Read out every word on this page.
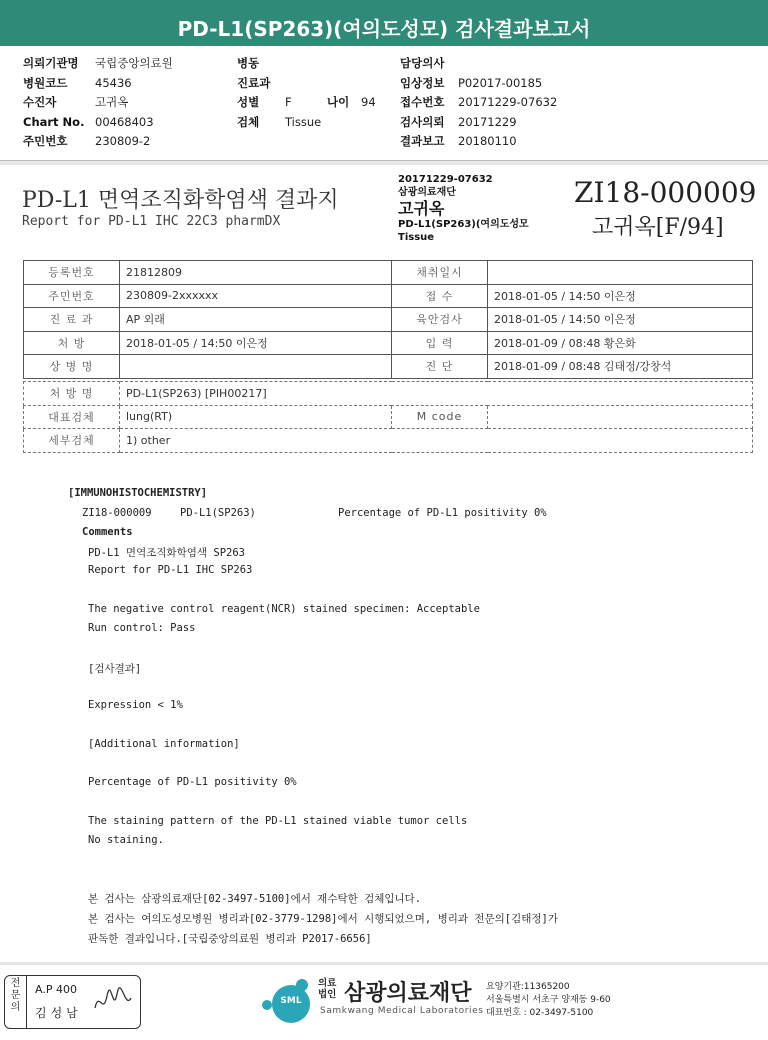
PD-L1(SP263)(여의도성모) 검사결과보고서
의뢰기관명 국립중앙의료원
병원코드 45436
수진자	고귀옥
Chart No. 00468403
주민번호 230809-2
병동
진료과
성별 F	나이 94
검체 Tissue
담당의사
임상정보 P02017-00185
접수번호 20171229-07632
검사의뢰 20171229
결과보고 20180110
PD-L1 면역조직화학염색 결과지
Report for PD-L1 IHC 22C3 pharmDX
20171229-07632
삼광의료재단
고귀옥
PD-L1(SP263)(여의도성모
Tissue
ZI18-000009
고귀옥[F/94]
등록번호	21812809	채취일시	
주민번호	230809-2xxxxxx	접 수	2018-01-05 / 14:50 이은정
진 료 과	AP 외래	육안검사	2018-01-05 / 14:50 이은정
처 방	2018-01-05 / 14:50 이은정	입 력	2018-01-09 / 08:48 황은화
상 병 명		진 단	2018-01-09 / 08:48 김태정/강창석
처 방 명	PD-L1(SP263) [PIH00217]		
대표검체	lung(RT)	M code	
세부검체	1) other		
[IMMUNOHISTOCHEMISTRY]
ZI18-000009	PD-L1(SP263)	Percentage of PD-L1 positivity 0%
Comments
PD-L1 면역조직화학염색 SP263
Report for PD-L1 IHC SP263
The negative control reagent(NCR) stained specimen: Acceptable
Run control: Pass
[검사결과]
Expression < 1%
[Additional information]
Percentage of PD-L1 positivity 0%
The staining pattern of the PD-L1 stained viable tumor cells
No staining.
본 검사는 삼광의료재단[02-3497-5100]에서 재수탁한 검체입니다.
본 검사는 여의도성모병원 병리과[02-3779-1298]에서 시행되었으며, 병리과 전문의[김태정]가
판독한 결과입니다.[국립중앙의료원 병리과 P2017-6656]
전문의
A.P 400
김성남
SML
의료
법인 삼광의료재단
Samkwang Medical Laboratories
요양기관:11365200
서울특별시 서초구 양재동 9-60
대표번호 : 02-3497-5100
